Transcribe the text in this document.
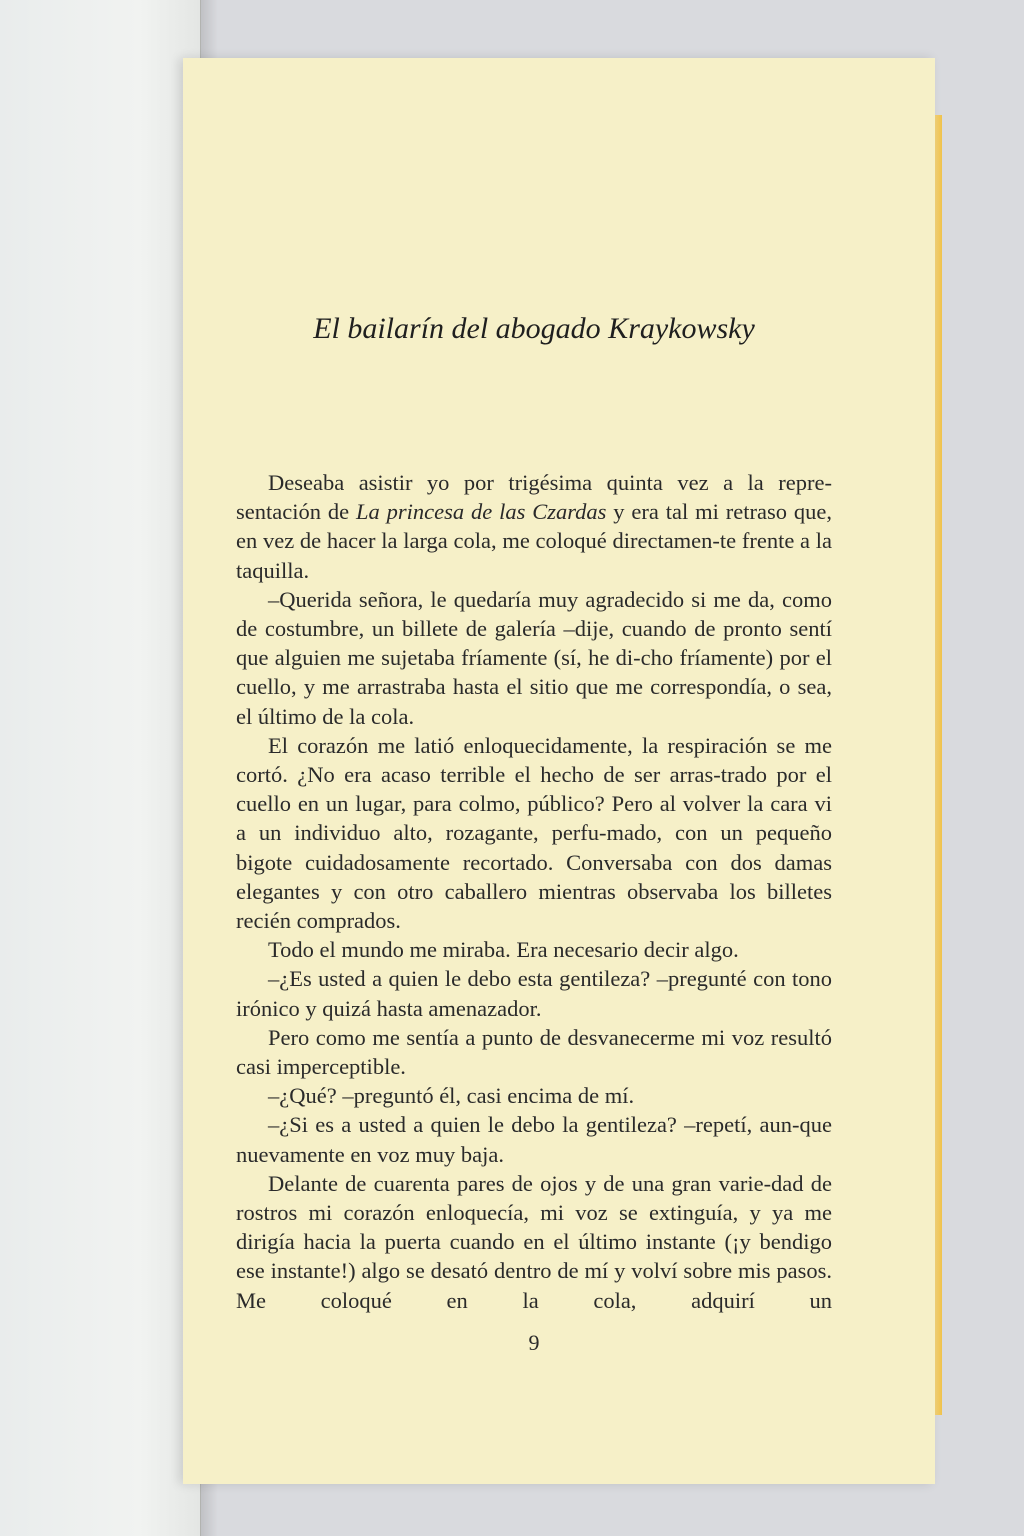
El bailarín del abogado Kraykowsky

Deseaba asistir yo por trigésima quinta vez a la repre-sentación de La princesa de las Czardas y era tal mi retraso que, en vez de hacer la larga cola, me coloqué directamen-te frente a la taquilla.

–Querida señora, le quedaría muy agradecido si me da, como de costumbre, un billete de galería –dije, cuando de pronto sentí que alguien me sujetaba fríamente (sí, he di-cho fríamente) por el cuello, y me arrastraba hasta el sitio que me correspondía, o sea, el último de la cola.

El corazón me latió enloquecidamente, la respiración se me cortó. ¿No era acaso terrible el hecho de ser arras-trado por el cuello en un lugar, para colmo, público? Pero al volver la cara vi a un individuo alto, rozagante, perfu-mado, con un pequeño bigote cuidadosamente recortado. Conversaba con dos damas elegantes y con otro caballero mientras observaba los billetes recién comprados.

Todo el mundo me miraba. Era necesario decir algo.

–¿Es usted a quien le debo esta gentileza? –pregunté con tono irónico y quizá hasta amenazador.

Pero como me sentía a punto de desvanecerme mi voz resultó casi imperceptible.

–¿Qué? –preguntó él, casi encima de mí.

–¿Si es a usted a quien le debo la gentileza? –repetí, aun-que nuevamente en voz muy baja.

Delante de cuarenta pares de ojos y de una gran varie-dad de rostros mi corazón enloquecía, mi voz se extinguía, y ya me dirigía hacia la puerta cuando en el último instante (¡y bendigo ese instante!) algo se desató dentro de mí y volví sobre mis pasos. Me coloqué en la cola, adquirí un

9
